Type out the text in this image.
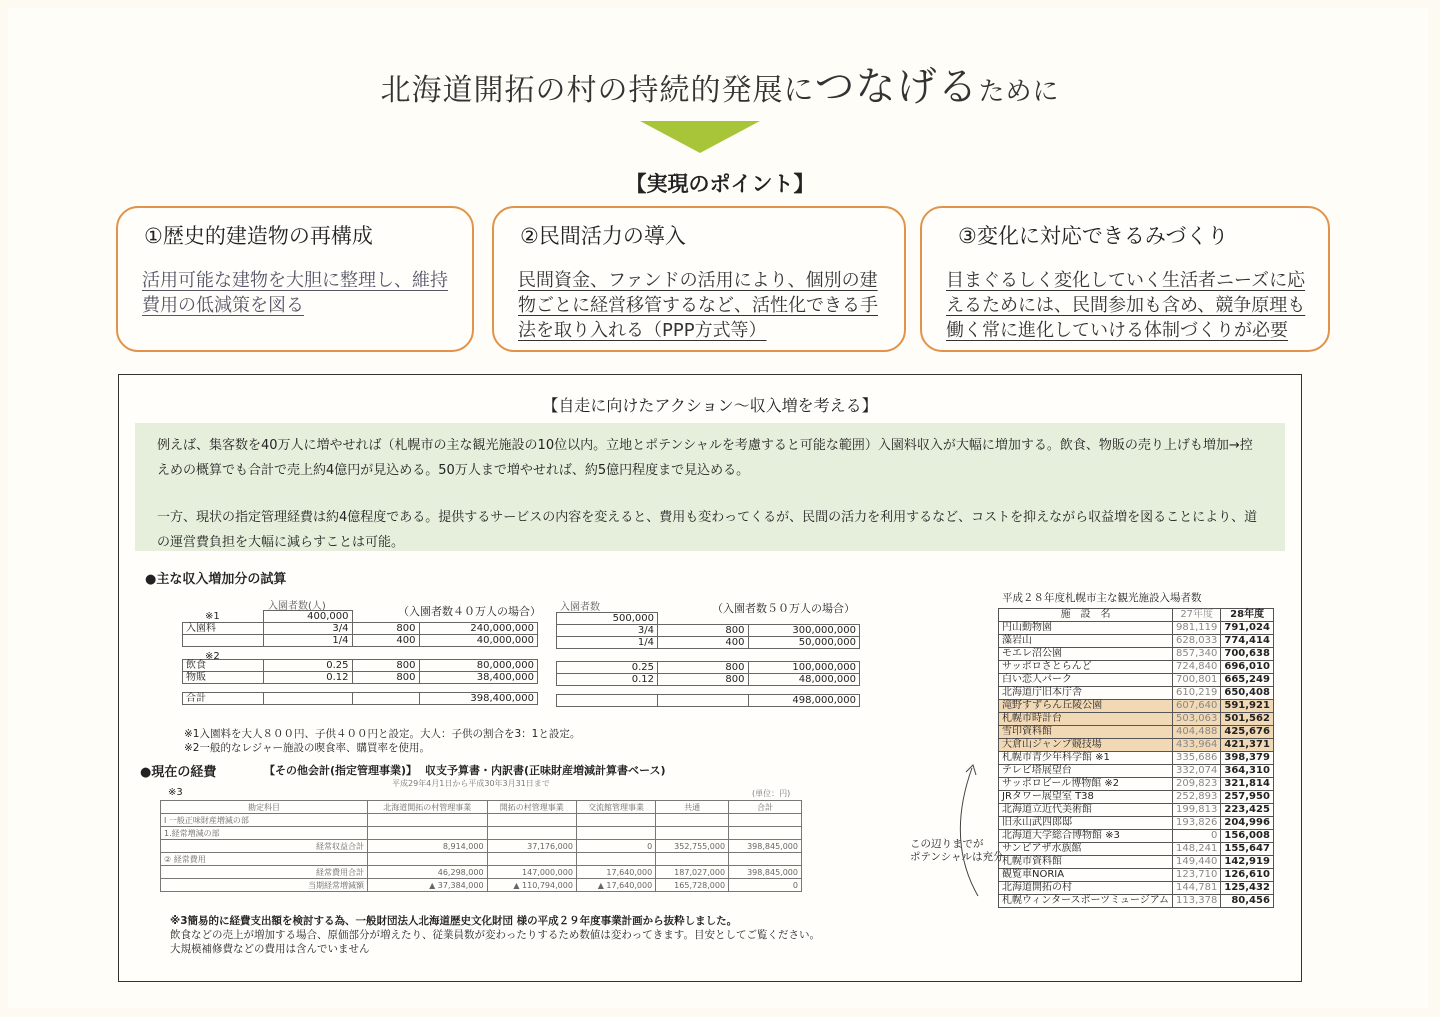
北海道開拓の村の持続的発展につなげるために
【実現のポイント】
①歴史的建造物の再構成
活用可能な建物を大胆に整理し、維持費用の低減策を図る
②民間活力の導入
民間資金、ファンドの活用により、個別の建物ごとに経営移管するなど、活性化できる手法を取り入れる（PPP方式等）
③変化に対応できるみづくり
目まぐるしく変化していく生活者ニーズに応えるためには、民間参加も含め、競争原理も働く常に進化していける体制づくりが必要
【自走に向けたアクション～収入増を考える】

例えば、集客数を40万人に増やせれば（札幌市の主な観光施設の10位以内。立地とポテンシャルを考慮すると可能な範囲）入園料収入が大幅に増加する。飲食、物販の売り上げも増加→控えめの概算でも合計で売上約4億円が見込める。50万人まで増やせれば、約5億円程度まで見込める。

一方、現状の指定管理経費は約4億程度である。提供するサービスの内容を変えると、費用も変わってくるが、民間の活力を利用するなど、コストを抑えながら収益増を図ることにより、道の運営費負担を大幅に減らすことは可能。

●主な収入増加分の試算
入園者数(人)	（入園者数４０万人の場合）
※1
※2
	400,000		
入園料	3/4	800	240,000,000
	1/4	400	40,000,000

飲食	0.25	800	80,000,000
物販	0.12	800	38,400,000

合計			398,400,000
入園者数	（入園者数５０万人の場合）
500,000		
3/4	800	300,000,000
1/4	400	50,000,000

0.25	800	100,000,000
0.12	800	48,000,000

		498,000,000
※1入園料を大人８００円、子供４００円と設定。大人：子供の割合を3：1と設定。
※2一般的なレジャー施設の喫食率、購買率を使用。
●現在の経費	【その他会計(指定管理事業)】 収支予算書・内訳書(正味財産増減計算書ベース)
平成29年4月1日から平成30年3月31日まで
(単位：円)
※3
勘定科目	北海道開拓の村管理事業	開拓の村管理事業	交流館管理事業	共通	合計
Ⅰ 一般正味財産増減の部					
1.経常増減の部					
経常収益合計	8,914,000	37,176,000	0	352,755,000	398,845,000
② 経常費用					
経常費用合計	46,298,000	147,000,000	17,640,000	187,027,000	398,845,000
当期経常増減額	▲ 37,384,000	▲ 110,794,000	▲ 17,640,000	165,728,000	0
※3簡易的に経費支出額を検討する為、一般財団法人北海道歴史文化財団 様の平成２９年度事業計画から抜粋しました。
飲食などの売上が増加する場合、原価部分が増えたり、従業員数が変わったりするため数値は変わってきます。目安としてご覧ください。
大規模補修費などの費用は含んでいません
平成２８年度札幌市主な観光施設入場者数
施　設　名	27年度	28年度
円山動物園	981,119	791,024
藻岩山	628,033	774,414
モエレ沼公園	857,340	700,638
サッポロさとらんど	724,840	696,010
白い恋人パーク	700,801	665,249
北海道庁旧本庁舎	610,219	650,408
滝野すずらん丘陵公園	607,640	591,921
札幌市時計台	503,063	501,562
雪印資料館	404,488	425,676
大倉山ジャンプ競技場	433,964	421,371
札幌市青少年科学館 ※1	335,686	398,379
テレビ塔展望台	332,074	364,310
サッポロビール博物館 ※2	209,823	321,814
JRタワー展望室 T38	252,893	257,950
北海道立近代美術館	199,813	223,425
旧永山武四郎邸	193,826	204,996
北海道大学総合博物館 ※3	0	156,008
サンピアザ水族館	148,241	155,647
札幌市資料館	149,440	142,919
観覧車NORIA	123,710	126,610
北海道開拓の村	144,781	125,432
札幌ウィンタースポーツミュージアム	113,378	80,456
この辺りまでが
ポテンシャルは充分
